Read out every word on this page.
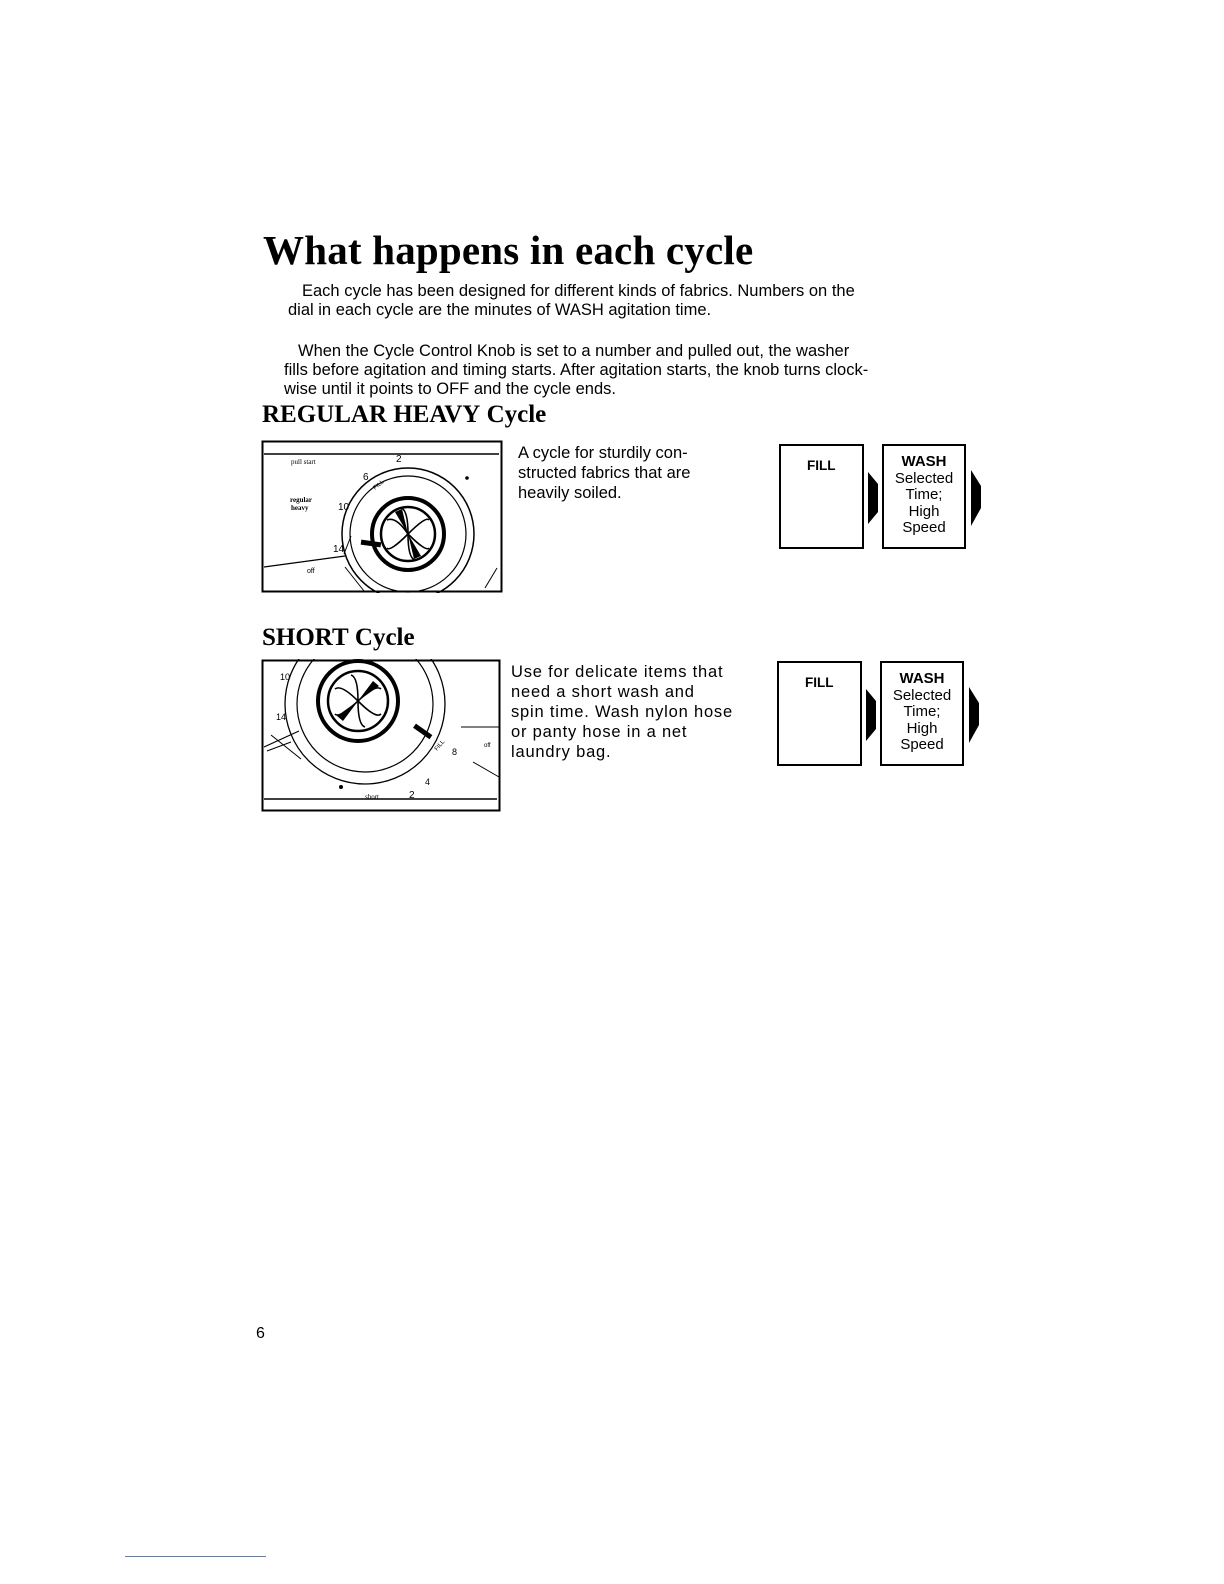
What happens in each cycle

Each cycle has been designed for different kinds of fabrics. Numbers on the
dial in each cycle are the minutes of WASH agitation time.

When the Cycle Control Knob is set to a number and pulled out, the washer
fills before agitation and timing starts. After agitation starts, the knob turns clock-
wise until it points to OFF and the cycle ends.

REGULAR HEAVY Cycle
pull start	2
6
regular
heavy	10
14
off
FILL

A cycle for sturdily con-
structed fabrics that are
heavily soiled.

FILL	WASH
Selected
Time;
High
Speed
SHORT Cycle
10
14
8
4
2
short
off
FILL

Use for delicate items that
need a short wash and
spin time. Wash nylon hose
or panty hose in a net
laundry bag.

FILL	WASH
Selected
Time;
High
Speed
6
